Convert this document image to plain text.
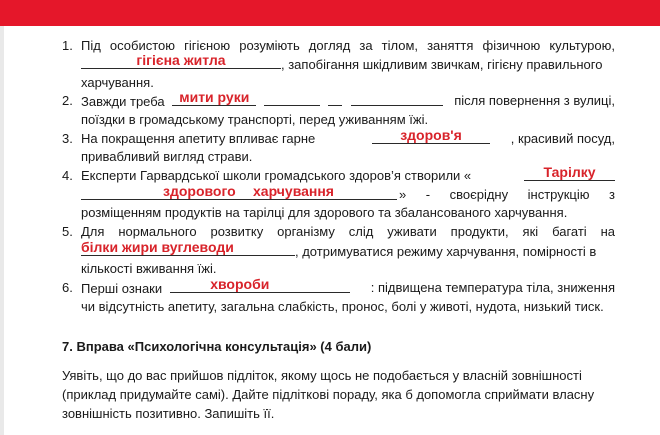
1. Під особистою гігієною розуміють догляд за тілом, заняття фізичною культурою,
гігієна житла	, запобігання шкідливим звичкам, гігієну правильного
харчування.
2. Завжди треба	мити руки
	після повернення з вулиці,
поїздки в громадському транспорті, перед уживанням їжі.
3. На покращення апетиту впливає гарне	здоров'я	, красивий посуд,
привабливий вигляд страви.
4. Експерти Гарвардської школи громадського здоров’я створили «	Тарілку
здорового	харчування	» - своєрідну інструкцію з
розміщенням продуктів на тарілці для здорового та збалансованого харчування.
5. Для нормального розвитку організму слід уживати продукти, які багаті на
білки жири вуглеводи	, дотримуватися режиму харчування, помірності в
кількості вживання їжі.
6. Перші ознаки	хвороби	: підвищена температура тіла, зниження
чи відсутність апетиту, загальна слабкість, пронос, болі у животі, нудота, низький тиск.
7. Вправа «Психологічна консультація» (4 бали)
Уявіть, що до вас прийшов підліток, якому щось не подобається у власній зовнішності
(приклад придумайте самі). Дайте підліткові пораду, яка б допомогла сприймати власну
зовнішність позитивно. Запишіть її.
